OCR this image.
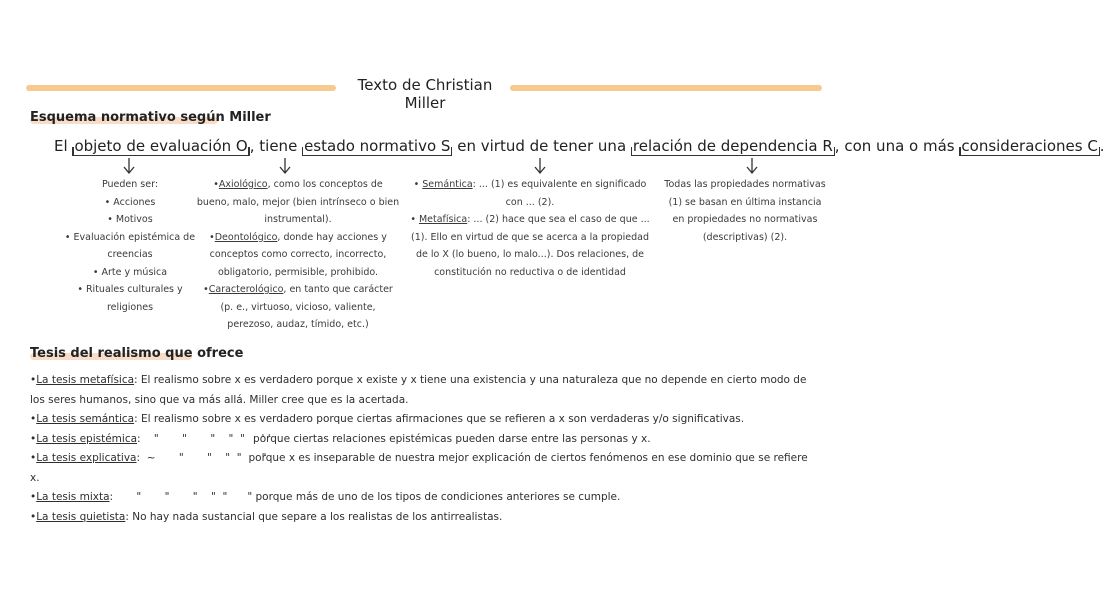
Texto de Christian Miller
Esquema normativo según Miller
El objeto de evaluación O , tiene estado normativo S en virtud de tener una relación de dependencia R , con una o más consideraciones C .
Pueden ser:
• Acciones
• Motivos
• Evaluación epistémica de creencias
• Arte y música
• Rituales culturales y religiones
•Axiológico, como los conceptos de bueno, malo, mejor (bien intrínseco o bien instrumental).
•Deontológico, donde hay acciones y conceptos como correcto, incorrecto, obligatorio, permisible, prohibido.
•Caracterológico, en tanto que carácter (p. e., virtuoso, vicioso, valiente, perezoso, audaz, tímido, etc.)
• Semántica: ... (1) es equivalente en significado con ... (2).
• Metafísica: ... (2) hace que sea el caso de que ... (1). Ello en virtud de que se acerca a la propiedad de lo X (lo bueno, lo malo...). Dos relaciones, de constitución no reductiva o de identidad
Todas las propiedades normativas (1) se basan en última instancia en propiedades no normativas (descriptivas) (2).
Tesis del realismo que ofrece
•La tesis metafísica: El realismo sobre x es verdadero porque x existe y x tiene una existencia y una naturaleza que no depende en cierto modo de los seres humanos, sino que va más allá. Miller cree que es la acertada.
•La tesis semántica: El realismo sobre x es verdadero porque ciertas afirmaciones que se refieren a x son verdaderas y/o significativas.
•La tesis epistémica:    "       "       "    "  "     ' 'porque ciertas relaciones epistémicas pueden darse entre las personas y x.
•La tesis explicativa:  ~       "       "    "  "      "porque x es inseparable de nuestra mejor explicación de ciertos fenómenos en ese dominio que se refiere x.
•La tesis mixta:       "       "       "    "  "      " porque más de uno de los tipos de condiciones anteriores se cumple.
•La tesis quietista: No hay nada sustancial que separe a los realistas de los antirrealistas.
